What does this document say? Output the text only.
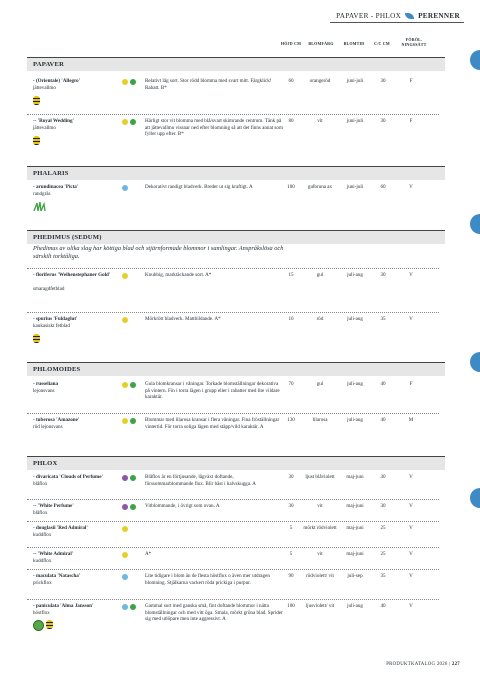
PAPAVER - PHLOX PERENNER
HÖJD CM	BLOMFÄRG	BLOMTID	C/C CM
FÖRÖL. NINGSSÄTT
PAPAVER
- (Orientale) 'Allegro'
jättevallmo
Relativt låg sort. Stor rödd blomma med svart mitt. Färgklick! Rabatt. B*
60	orangeröd	juni-juli	30	F
-- 'Royal Wedding'
jättevallmo
Härligt stor vit blomma med blå/svart skimrande centrum. Tänk på att jättevallmo vissnar ned efter blomning så att det finns annat som fyller upp efter. B*
80	vit	juni-juli	30	F
PHALARIS
- arundinacea 'Picta'
randgräs
Dekorativt randigt bladverk. Breder ut sig kraftigt. A	100	gulbruna ax	juni-juli	60	V
PHEDIMUS (SEDUM)
Phedimus av olika slag har köttiga blad och stjärnformade blommor i samlingar. Anspråkslösa och särskilt torktåliga.
- floriferus 'Weihenstephaner Gold'
smaragdfetblad
Knubbig, marktäckande sort. A*	15	gul	juli-aug	30	V
- spurius 'Fuldaglut'
kaukasiskt fetblad
Mörkrött bladverk. Mattbildande. A*	10	röd	juli-aug	35	V
PHLOMOIDES
- russeliana
lejonsvans
Gula blomkransar i våningar. Torkade blomställningar dekorativa på vintern. Fin i torra lägen i grupp eller i rabatter med lite vildare karaktär.
70	gul	juli-aug	40	F
- tuberosa 'Amazone'
röd lejonsvans
Blommar med lilarosa kransar i flera våningar. Fina fröställningar vintertid. För torra soliga lägen med stäpp/vild karaktär. A
130	lilarosa	juli-aug	40	M
PHLOX
- divaricata 'Clouds of Perfume'
blåflox
Blåflox är en förtjusande, lågväxt doftande, förssommarblommande flox. Blir bäst i halvskugga. A
30	ljust blåviolett	maj-juni	30	V
-- 'White Perfume'
blåflox
Vitblommande, i övrigt som ovan. A	30	vit	maj-juni	30	V
- douglasii 'Red Admiral'
kuddflox
5	mörkt rödviolett	maj-juni	25	V
-- 'White Admiral'
kuddflox
A*	5	vit	maj-juni	25	V
- maculata 'Natascha'
prickflox
Lite tidigare i blom än de flesta höstflox o även mer utdragen blomning. Stjälkarna vackert röda prickiga i purpur.
90	rödviolett/ vit	juli-sep	35	V
- paniculata 'Alma Jansson'
höstflox
Gammal sort med ganska små, fint doftande blommor i nätta blomställningar och med vitt öga. Smala, mörkt gröna blad. Sprider sig med utlöpare men inte aggressivt. A
100	ljusviolett/ vit	juli-aug	40	V
PRODUKTKATALOG 2026 | 227
